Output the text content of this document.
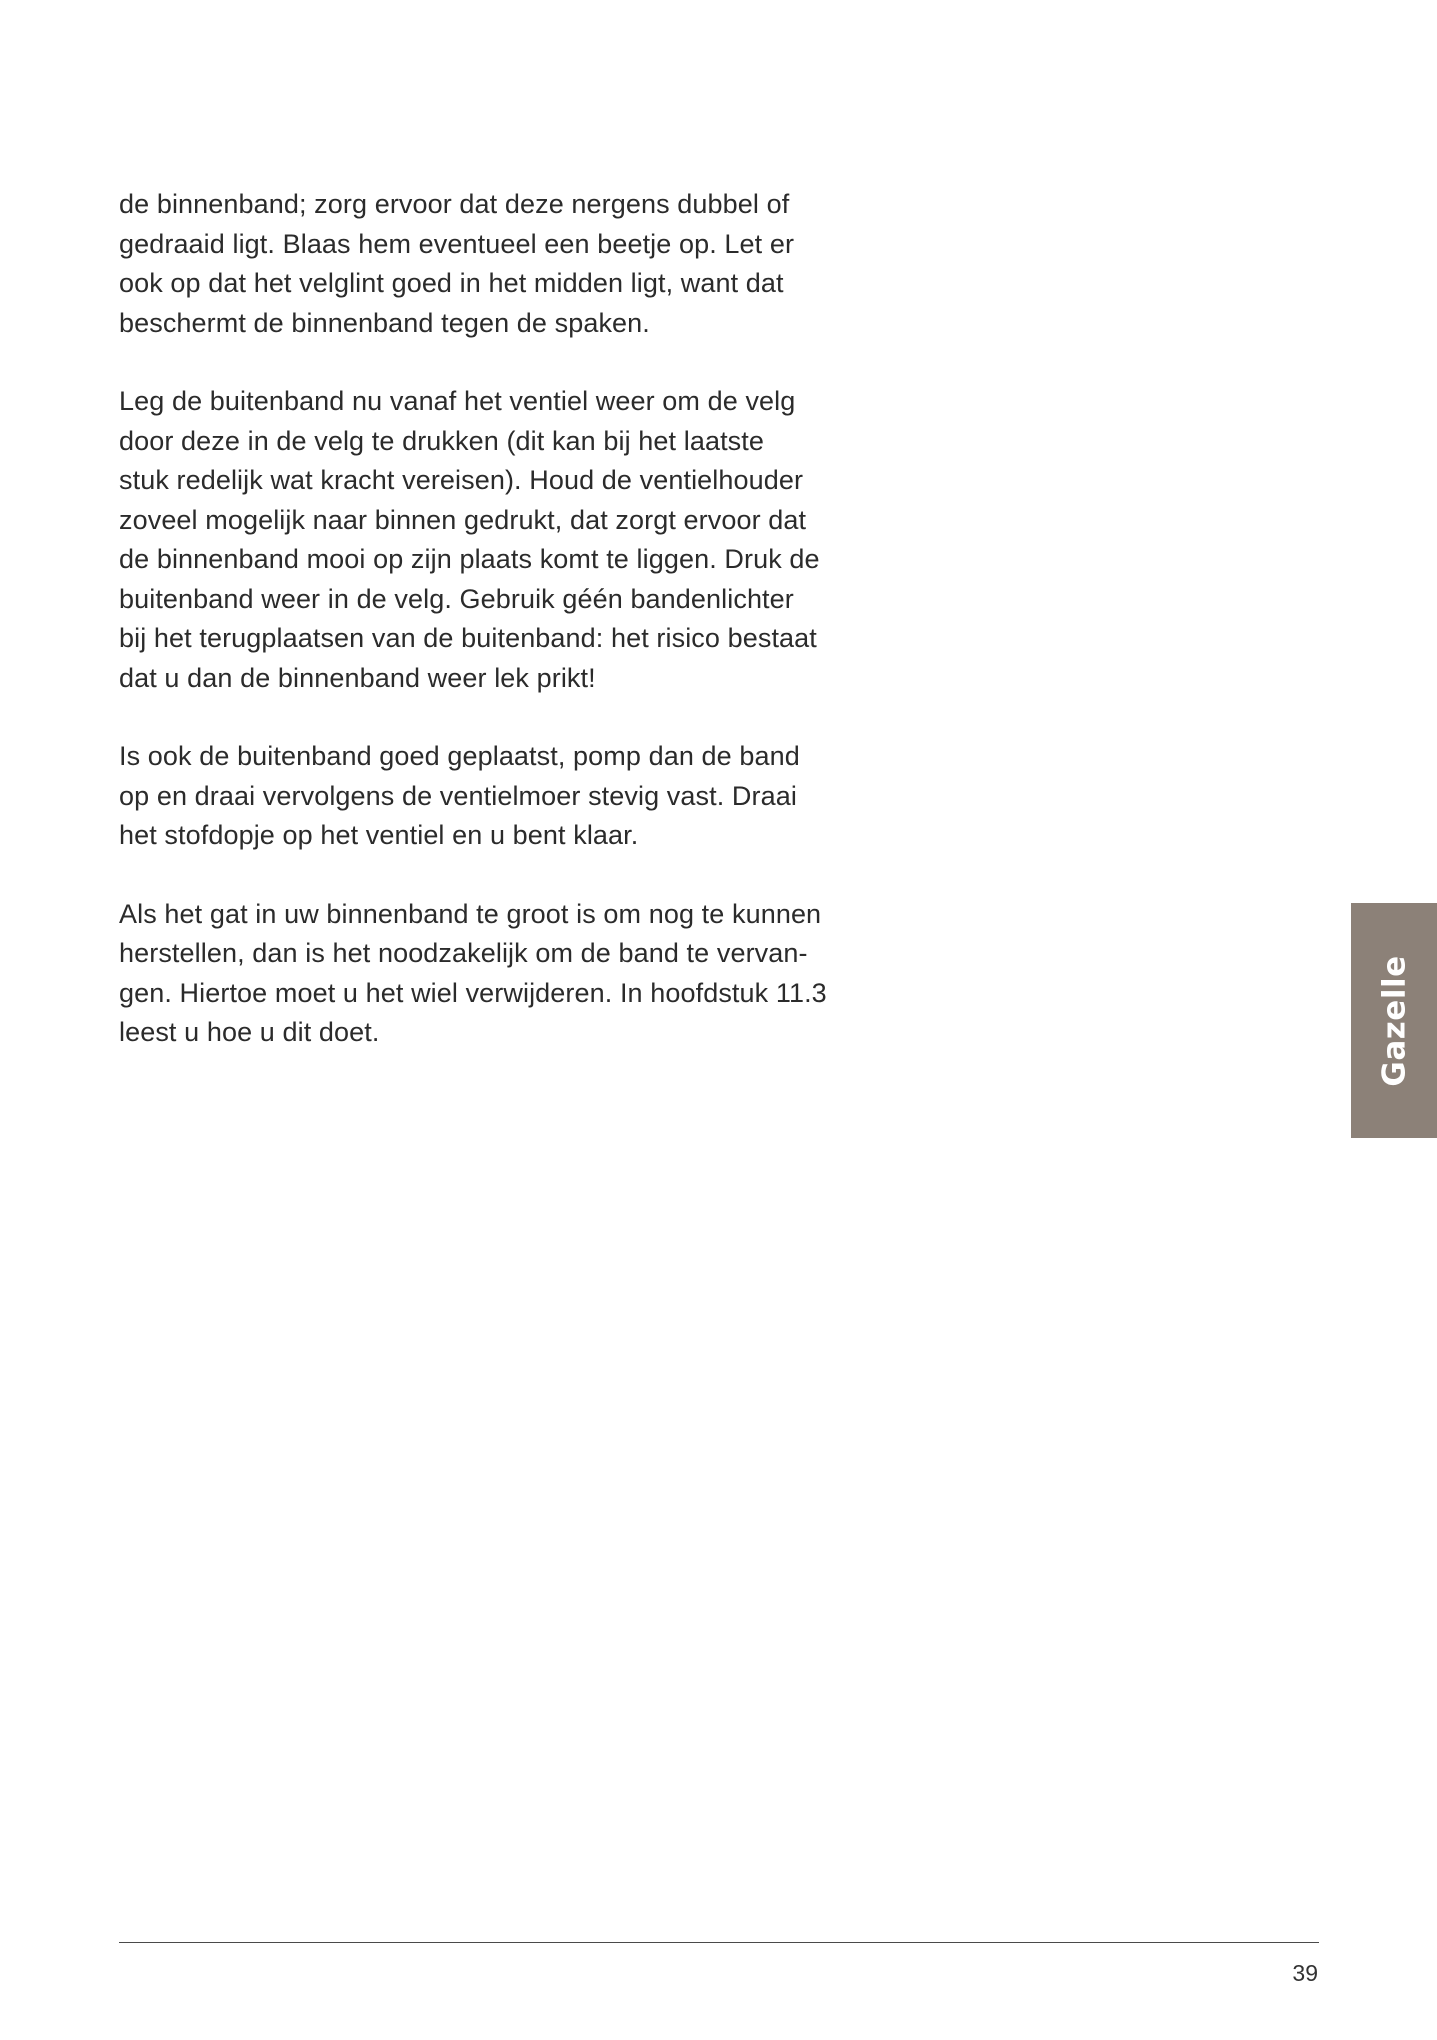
de binnenband; zorg ervoor dat deze nergens dubbel of
gedraaid ligt. Blaas hem eventueel een beetje op. Let er
ook op dat het velglint goed in het midden ligt, want dat
beschermt de binnenband tegen de spaken.

Leg de buitenband nu vanaf het ventiel weer om de velg
door deze in de velg te drukken (dit kan bij het laatste
stuk redelijk wat kracht vereisen). Houd de ventielhouder
zoveel mogelijk naar binnen gedrukt, dat zorgt ervoor dat
de binnenband mooi op zijn plaats komt te liggen. Druk de
buitenband weer in de velg. Gebruik géén bandenlichter
bij het terugplaatsen van de buitenband: het risico bestaat
dat u dan de binnenband weer lek prikt!

Is ook de buitenband goed geplaatst, pomp dan de band
op en draai vervolgens de ventielmoer stevig vast. Draai
het stofdopje op het ventiel en u bent klaar.

Als het gat in uw binnenband te groot is om nog te kunnen
herstellen, dan is het noodzakelijk om de band te vervan-
gen. Hiertoe moet u het wiel verwijderen. In hoofdstuk 11.3
leest u hoe u dit doet.	Gazelle
39
